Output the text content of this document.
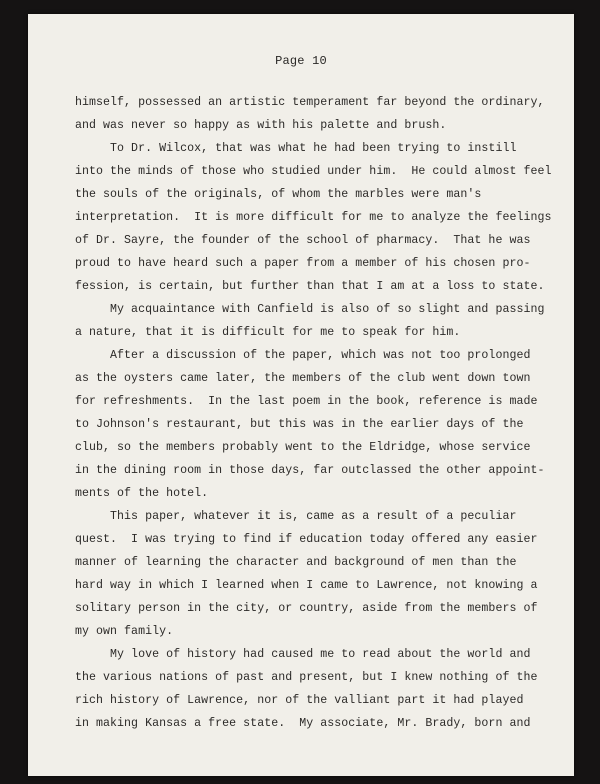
Page 10
himself, possessed an artistic temperament far beyond the ordinary,
and was never so happy as with his palette and brush.
To Dr. Wilcox, that was what he had been trying to instill
into the minds of those who studied under him.  He could almost feel
the souls of the originals, of whom the marbles were man's
interpretation.  It is more difficult for me to analyze the feelings
of Dr. Sayre, the founder of the school of pharmacy.  That he was
proud to have heard such a paper from a member of his chosen pro-
fession, is certain, but further than that I am at a loss to state.
My acquaintance with Canfield is also of so slight and passing
a nature, that it is difficult for me to speak for him.
After a discussion of the paper, which was not too prolonged
as the oysters came later, the members of the club went down town
for refreshments.  In the last poem in the book, reference is made
to Johnson's restaurant, but this was in the earlier days of the
club, so the members probably went to the Eldridge, whose service
in the dining room in those days, far outclassed the other appoint-
ments of the hotel.
This paper, whatever it is, came as a result of a peculiar
quest.  I was trying to find if education today offered any easier
manner of learning the character and background of men than the
hard way in which I learned when I came to Lawrence, not knowing a
solitary person in the city, or country, aside from the members of
my own family.
My love of history had caused me to read about the world and
the various nations of past and present, but I knew nothing of the
rich history of Lawrence, nor of the valliant part it had played
in making Kansas a free state.  My associate, Mr. Brady, born and
